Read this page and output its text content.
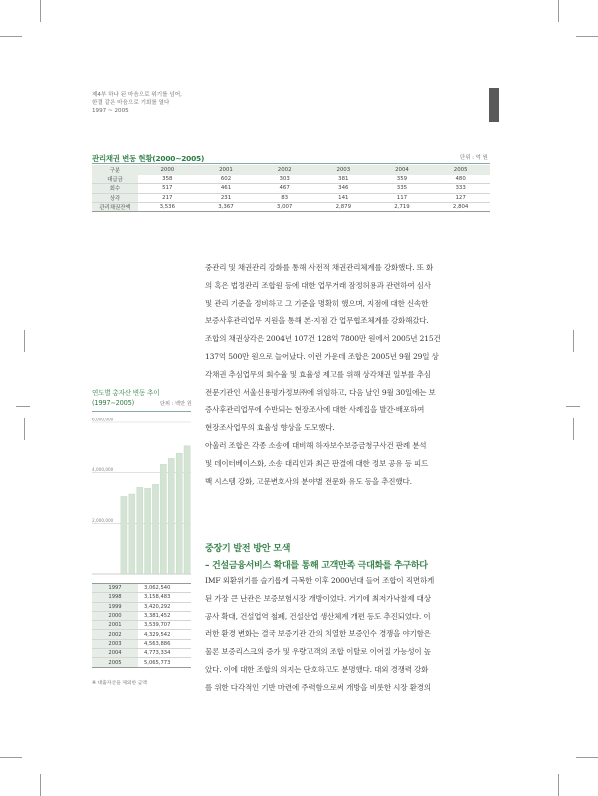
제4부 하나 된 마음으로 위기를 넘어,
한결 같은 마음으로 기회를 열다
1997 ~ 2005
관리채권 변동 현황(2000∼2005)	단위 : 억 원
구분	2000	2001	2002	2003	2004	2005
대급금	358	602	303	381	359	480
회수	517	461	467	346	335	333
상각	217	231	83	141	117	127
관리채권잔액	3,536	3,367	3,007	2,879	2,719	2,804
중관리 및 채권관리 강화를 통해 사전적 채권관리체계를 강화했다. 또 화
의 혹은 법정관리 조합원 등에 대한 업무거래 잠정허용과 관련하여 심사
및 관리 기준을 정비하고 그 기준을 명확히 했으며, 지점에 대한 신속한
보증사후관리업무 지원을 통해 본·지점 간 업무협조체계를 강화해갔다.
조합의 채권상각은 2004년 107건 128억 7800만 원에서 2005년 215건
137억 500만 원으로 늘어났다. 이런 가운데 조합은 2005년 9월 29일 상
각채권 추심업무의 회수율 및 효율성 제고를 위해 상각채권 일부를 추심
전문기관인 서울신용평가정보㈜에 위임하고, 다음 날인 9월 30일에는 보
증사후관리업무에 수반되는 현장조사에 대한 사례집을 발간·배포하여
현장조사업무의 효율성 향상을 도모했다.
아울러 조합은 각종 소송에 대비해 하자보수보증금청구사건 판례 분석
및 데이터베이스화, 소송 대리인과 최근 판결에 대한 정보 공유 등 피드
백 시스템 강화, 고문변호사의 분야별 전문화 유도 등을 추진했다.
중장기 발전 방안 모색
– 건설금융서비스 확대를 통해 고객만족 극대화를 추구하다
IMF 외환위기를 슬기롭게 극복한 이후 2000년대 들어 조합이 직면하게
된 가장 큰 난관은 보증보험시장 개방이었다. 거기에 최저가낙찰제 대상
공사 확대, 건설업역 철폐, 건설산업 생산체계 개편 등도 추진되었다. 이
러한 환경 변화는 결국 보증기관 간의 치열한 보증인수 경쟁을 야기함은
물론 보증리스크의 증가 및 우량고객의 조합 이탈로 이어질 가능성이 높
았다. 이에 대한 조합의 의지는 단호하고도 분명했다. 대외 경쟁력 강화
를 위한 다각적인 기반 마련에 주력함으로써 개방을 비롯한 시장 환경의
연도별 총자산 변동 추이 (1997∼2005)	단위 : 백만 원
6,000,000
4,000,000
2,000,000
1997	3,062,540
1998	3,158,483
1999	3,420,292
2000	3,381,452
2001	3,539,707
2002	4,329,542
2003	4,563,886
2004	4,773,334
2005	5,065,773
※ 대출자산을 제외한 금액
